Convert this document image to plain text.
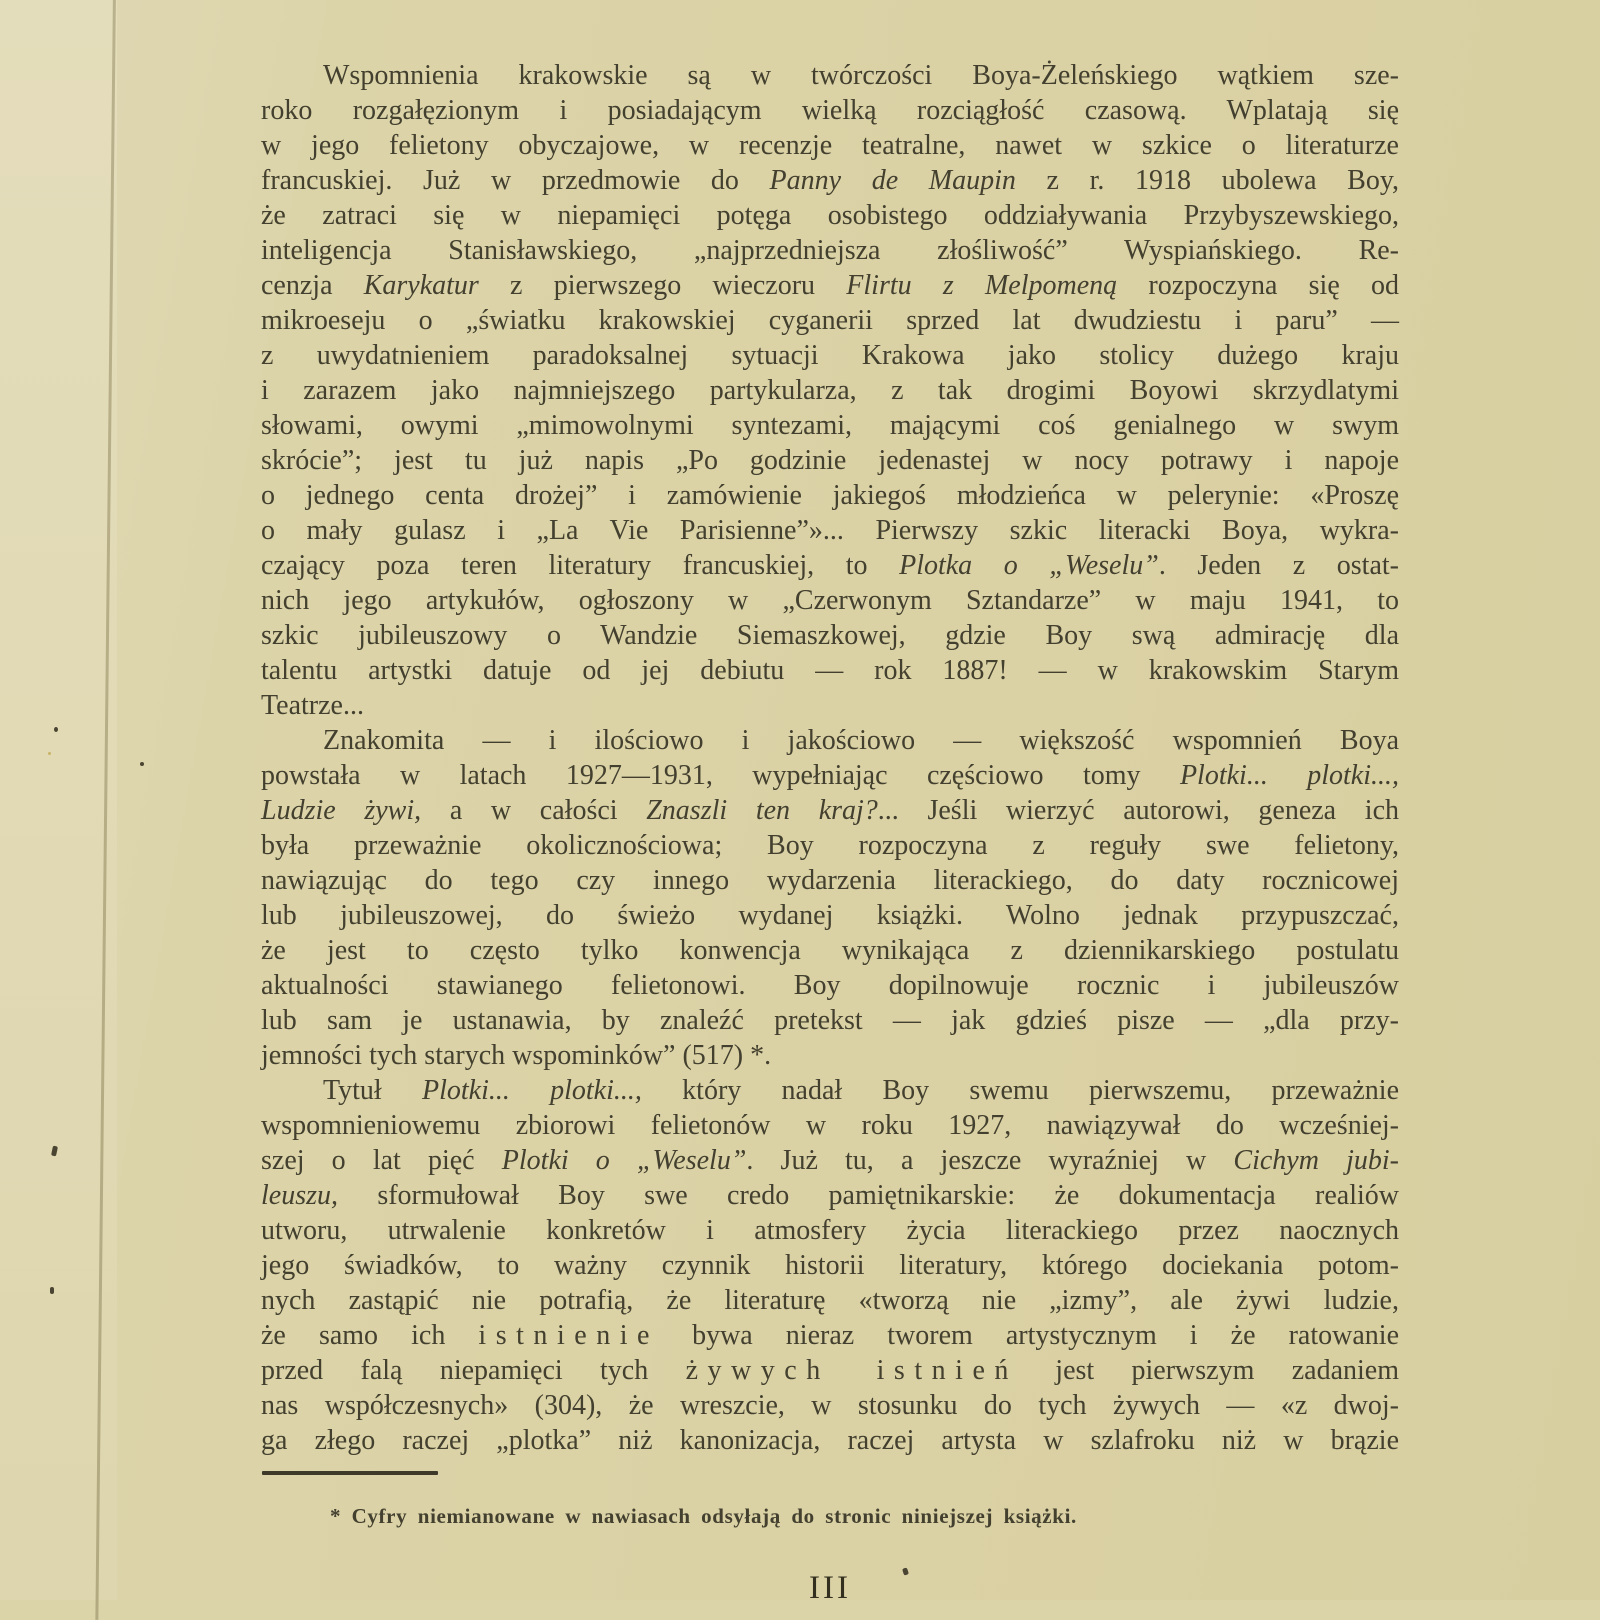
Wspomnienia krakowskie są w twórczości Boya-Żeleńskiego wątkiem sze-
roko rozgałęzionym i posiadającym wielką rozciągłość czasową. Wplatają się
w jego felietony obyczajowe, w recenzje teatralne, nawet w szkice o literaturze
francuskiej. Już w przedmowie do Panny de Maupin z r. 1918 ubolewa Boy,
że zatraci się w niepamięci potęga osobistego oddziaływania Przybyszewskiego,
inteligencja Stanisławskiego, „najprzedniejsza złośliwość” Wyspiańskiego. Re-
cenzja Karykatur z pierwszego wieczoru Flirtu z Melpomeną rozpoczyna się od
mikroeseju o „światku krakowskiej cyganerii sprzed lat dwudziestu i paru” —
z uwydatnieniem paradoksalnej sytuacji Krakowa jako stolicy dużego kraju
i zarazem jako najmniejszego partykularza, z tak drogimi Boyowi skrzydlatymi
słowami, owymi „mimowolnymi syntezami, mającymi coś genialnego w swym
skrócie”; jest tu już napis „Po godzinie jedenastej w nocy potrawy i napoje
o jednego centa drożej” i zamówienie jakiegoś młodzieńca w pelerynie: «Proszę
o mały gulasz i „La Vie Parisienne”»... Pierwszy szkic literacki Boya, wykra-
czający poza teren literatury francuskiej, to Plotka o „Weselu”. Jeden z ostat-
nich jego artykułów, ogłoszony w „Czerwonym Sztandarze” w maju 1941, to
szkic jubileuszowy o Wandzie Siemaszkowej, gdzie Boy swą admirację dla
talentu artystki datuje od jej debiutu — rok 1887! — w krakowskim Starym
Teatrze...
Znakomita — i ilościowo i jakościowo — większość wspomnień Boya
powstała w latach 1927—1931, wypełniając częściowo tomy Plotki... plotki...,
Ludzie żywi, a w całości Znaszli ten kraj?... Jeśli wierzyć autorowi, geneza ich
była przeważnie okolicznościowa; Boy rozpoczyna z reguły swe felietony,
nawiązując do tego czy innego wydarzenia literackiego, do daty rocznicowej
lub jubileuszowej, do świeżo wydanej książki. Wolno jednak przypuszczać,
że jest to często tylko konwencja wynikająca z dziennikarskiego postulatu
aktualności stawianego felietonowi. Boy dopilnowuje rocznic i jubileuszów
lub sam je ustanawia, by znaleźć pretekst — jak gdzieś pisze — „dla przy-
jemności tych starych wspominków” (517) *.
Tytuł Plotki... plotki..., który nadał Boy swemu pierwszemu, przeważnie
wspomnieniowemu zbiorowi felietonów w roku 1927, nawiązywał do wcześniej-
szej o lat pięć Plotki o „Weselu”. Już tu, a jeszcze wyraźniej w Cichym jubi-
leuszu, sformułował Boy swe credo pamiętnikarskie: że dokumentacja realiów
utworu, utrwalenie konkretów i atmosfery życia literackiego przez naocznych
jego świadków, to ważny czynnik historii literatury, którego dociekania potom-
nych zastąpić nie potrafią, że literaturę «tworzą nie „izmy”, ale żywi ludzie,
że samo ich istnienie bywa nieraz tworem artystycznym i że ratowanie
przed falą niepamięci tych żywych istnień jest pierwszym zadaniem
nas współczesnych» (304), że wreszcie, w stosunku do tych żywych — «z dwoj-
ga złego raczej „plotka” niż kanonizacja, raczej artysta w szlafroku niż w brązie
* Cyfry niemianowane w nawiasach odsyłają do stronic niniejszej książki.
III
